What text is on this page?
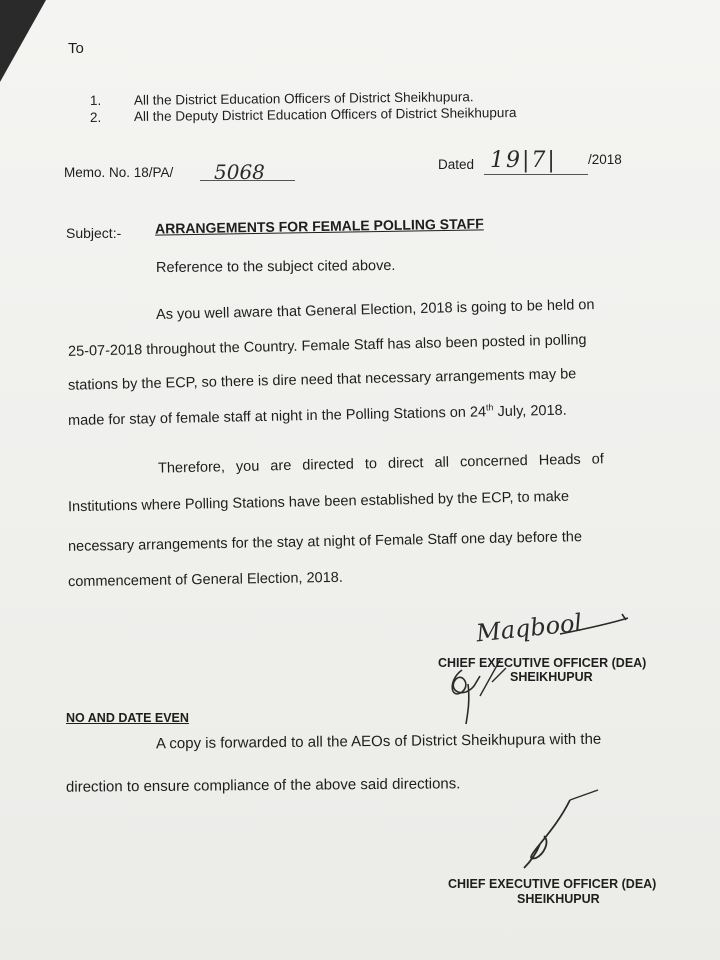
To
1. All the District Education Officers of District Sheikhupura.
2. All the Deputy District Education Officers of District Sheikhupura
Memo. No. 18/PA/ 5068	Dated 19|7| /2018
Subject:- ARRANGEMENTS FOR FEMALE POLLING STAFF
Reference to the subject cited above.
As you well aware that General Election, 2018 is going to be held on
25-07-2018 throughout the Country. Female Staff has also been posted in polling
stations by the ECP, so there is dire need that necessary arrangements may be
made for stay of female staff at night in the Polling Stations on 24th July, 2018.
Therefore, you are directed to direct all concerned Heads of
Institutions where Polling Stations have been established by the ECP, to make
necessary arrangements for the stay at night of Female Staff one day before the
commencement of General Election, 2018.
Maqbool
CHIEF EXECUTIVE OFFICER (DEA)
SHEIKHUPUR
NO AND DATE EVEN
A copy is forwarded to all the AEOs of District Sheikhupura with the
direction to ensure compliance of the above said directions.
CHIEF EXECUTIVE OFFICER (DEA)
SHEIKHUPUR
